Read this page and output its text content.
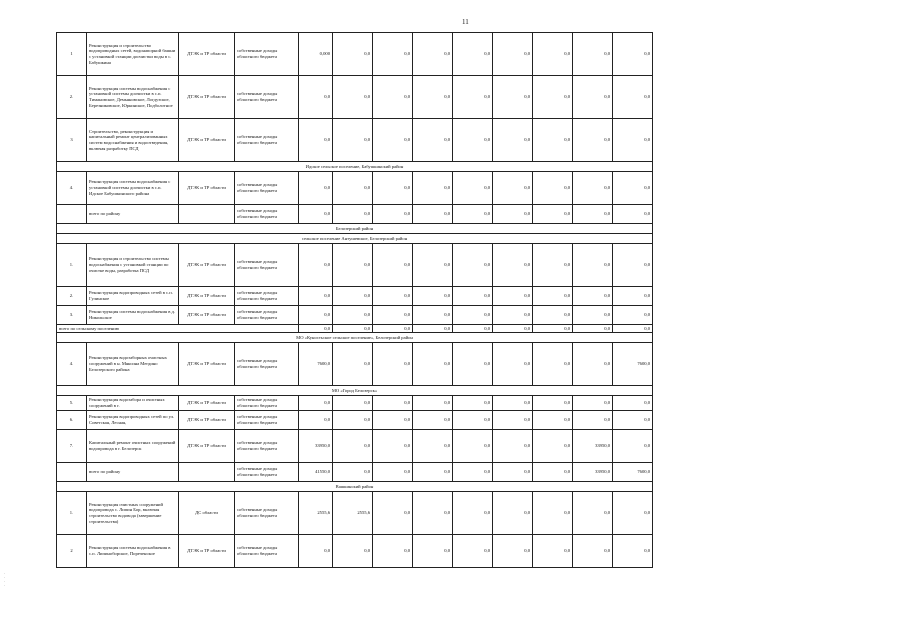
11
1	Реконструкция и строительство водопроводных сетей, водонапорной башни с установкой станции доочистки воды в с. Бабушкина	ДТЭК и ТР области	собственные доходы областного бюджета	0,000	0,0	0,0	0,0	0,0	0,0	0,0	0,0	0,0
2.	Реконструкция системы водоснабжения с установкой системы доочистки в с.п. Тимановское, Демьяновское, Логдузское, Березниковское, Юркинское, Подболотное	ДТЭК и ТР области	собственные доходы областного бюджета	0,0	0,0	0,0	0,0	0,0	0,0	0,0	0,0	0,0
3	Строительство, реконструкция и капитальный ремонт централизованных систем водоснабжения и водоотведения, включая разработку ПСД	ДТЭК и ТР области	собственные доходы областного бюджета	0,0	0,0	0,0	0,0	0,0	0,0	0,0	0,0	0,0
Идское сельское поселение, Бабушкинский район												
4.	Реконструкция системы водоснабжения с установкой системы доочистки в с.п. Идское Бабушкинского района	ДТЭК и ТР области	собственные доходы областного бюджета	0,0	0,0	0,0	0,0	0,0	0,0	0,0	0,0	0,0
	всего по району		собственные доходы областного бюджета	0,0	0,0	0,0	0,0	0,0	0,0	0,0	0,0	0,0
Белозерский район												
сельское поселение Антушевское, Белозерский район												
1.	Реконструкция и строительство системы водоснабжения с установкой станции по очистке воды, разработка ПСД	ДТЭК и ТР области	собственные доходы областного бюджета	0,0	0,0	0,0	0,0	0,0	0,0	0,0	0,0	0,0
2.	Реконструкция водопроводных сетей в с.п. Гулинское	ДТЭК и ТР области	собственные доходы областного бюджета	0,0	0,0	0,0	0,0	0,0	0,0	0,0	0,0	0,0
3.	Реконструкция системы водоснабжения в д. Никольское	ДТЭК и ТР области	собственные доходы областного бюджета	0,0	0,0	0,0	0,0	0,0	0,0	0,0	0,0	0,0
всего по сельскому поселению				0,0	0,0	0,0	0,0	0,0	0,0	0,0	0,0	0,0
МО «Куностьское сельское поселение», Белозерский район												
4.	Реконструкция водозаборных очистных сооружений в н. Мяксина Мегдино Белозерского района	ДТЭК и ТР области	собственные доходы областного бюджета	7600,0	0,0	0,0	0,0	0,0	0,0	0,0	0,0	7600,0
МО «Город Белозерск»												
5.	Реконструкция водозабора и очистных сооружений в г.	ДТЭК и ТР области	собственные доходы областного бюджета	0,0	0,0	0,0	0,0	0,0	0,0	0,0	0,0	0,0
6.	Реконструкция водопроводных сетей по ул. Советская, Лесная,	ДТЭК и ТР области	собственные доходы областного бюджета	0,0	0,0	0,0	0,0	0,0	0,0	0,0	0,0	0,0
7.	Капитальный ремонт очистных сооружений водопровода в г. Белозерск	ДТЭК и ТР области	собственные доходы областного бюджета	33950,0	0,0	0,0	0,0	0,0	0,0	0,0	33950,0	0,0
	всего по району		собственные доходы областного бюджета	41550,0	0,0	0,0	0,0	0,0	0,0	0,0	33950,0	7600,0
Вашкинский район												
1.	Реконструкция очистных сооружений водопровода с. Липин Бор, включая строительство водовода (завершение строительства)	ДС области	собственные доходы областного бюджета	2555,6	2555,6	0,0	0,0	0,0	0,0	0,0	0,0	0,0
2	Реконструкция системы водоснабжения в с.п. Липиноборское, Пореченское	ДТЭК и ТР области	собственные доходы областного бюджета	0,0	0,0	0,0	0,0	0,0	0,0	0,0	0,0	0,0
·
·
·
·
